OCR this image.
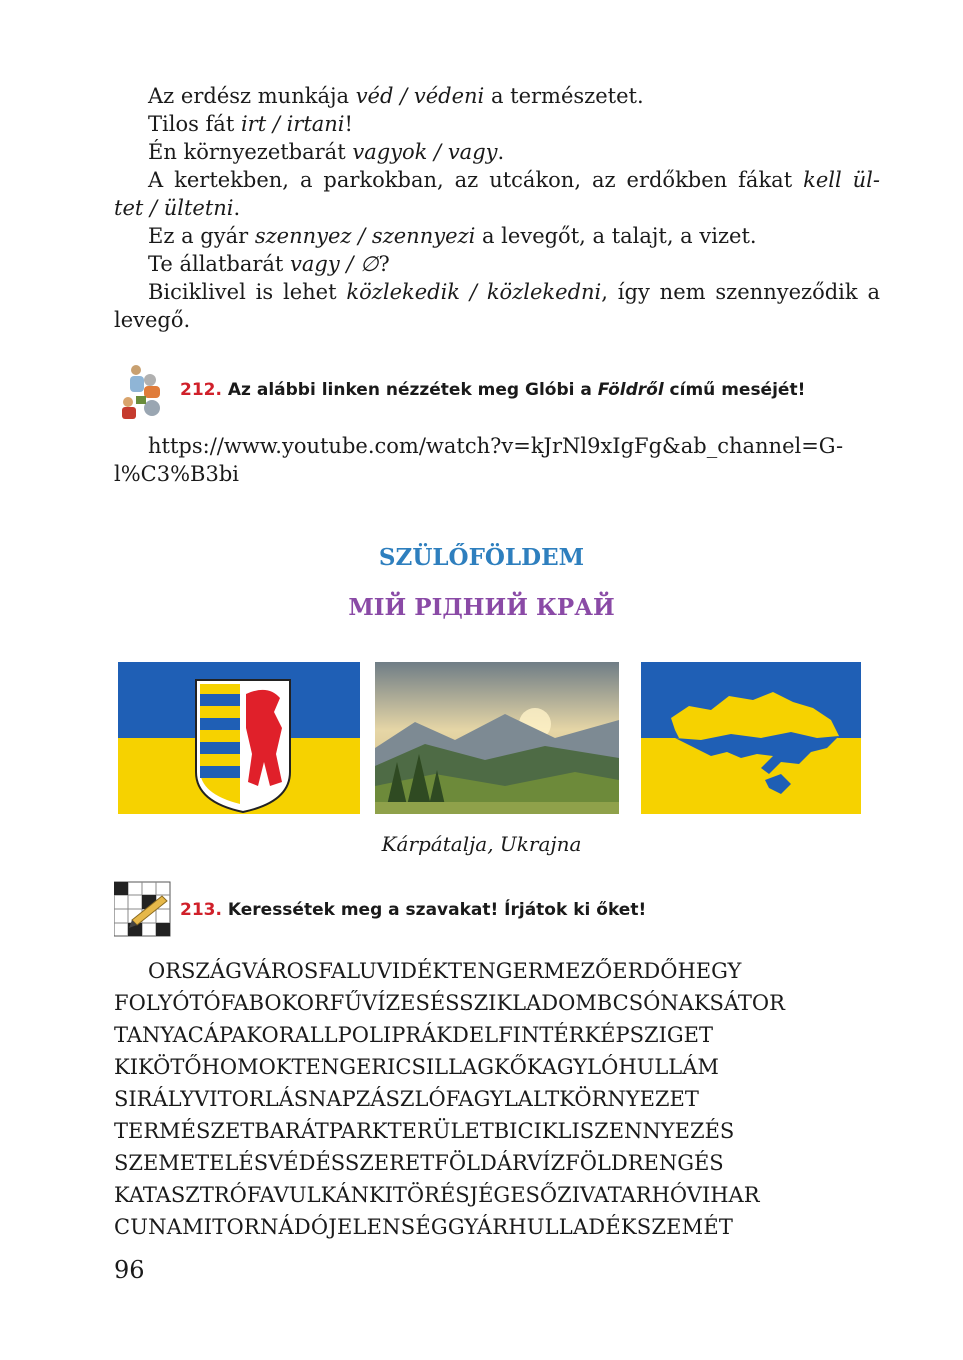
Az erdész munkája véd / védeni a természetet.
Tilos fát irt / irtani!
Én környezetbarát vagyok / vagy.
A kertekben, a parkokban, az utcákon, az erdőkben fákat kell ül-
tet / ültetni.
Ez a gyár szennyez / szennyezi a levegőt, a talajt, a vizet.
Te állatbarát vagy / ∅?
Biciklivel is lehet közlekedik / közlekedni, így nem szennyeződik a
levegő.
212. Az alábbi linken nézzétek meg Glóbi a Földről című meséjét!
https://www.youtube.com/watch?v=kJrNl9xIgFg&ab_channel=G-
l%C3%B3bi
SZÜLŐFÖLDEM
МІЙ РІДНИЙ КРАЙ
Kárpátalja, Ukrajna
213. Keressétek meg a szavakat! Írjátok ki őket!
ORSZÁGVÁROSFALUVIDÉKTENGERMEZŐERDŐHEGY
FOLYÓTÓFABOKORFŰVÍZESÉSSZIKLADOMBCSÓNAKSÁTOR
TANYACÁPAKORALLPOLIPRÁKDELFINTÉRKÉPSZIGET
KIKÖTŐHOMOKTENGERICSILLAGKŐKAGYLÓHULLÁM
SIRÁLYVITORLÁSNAPZÁSZLÓFAGYLALTKÖRNYEZET
TERMÉSZETBARÁTPARKTERÜLETBICIKLISZENNYEZÉS
SZEMETELÉSVÉDÉSSZERETFÖLDÁRVÍZFÖLDRENGÉS
KATASZTRÓFAVULKÁNKITÖRÉSJÉGESŐZIVATARHÓVIHAR
CUNAMITORNÁDÓJELENSÉGGYÁRHULLADÉKSZEMÉT
96
